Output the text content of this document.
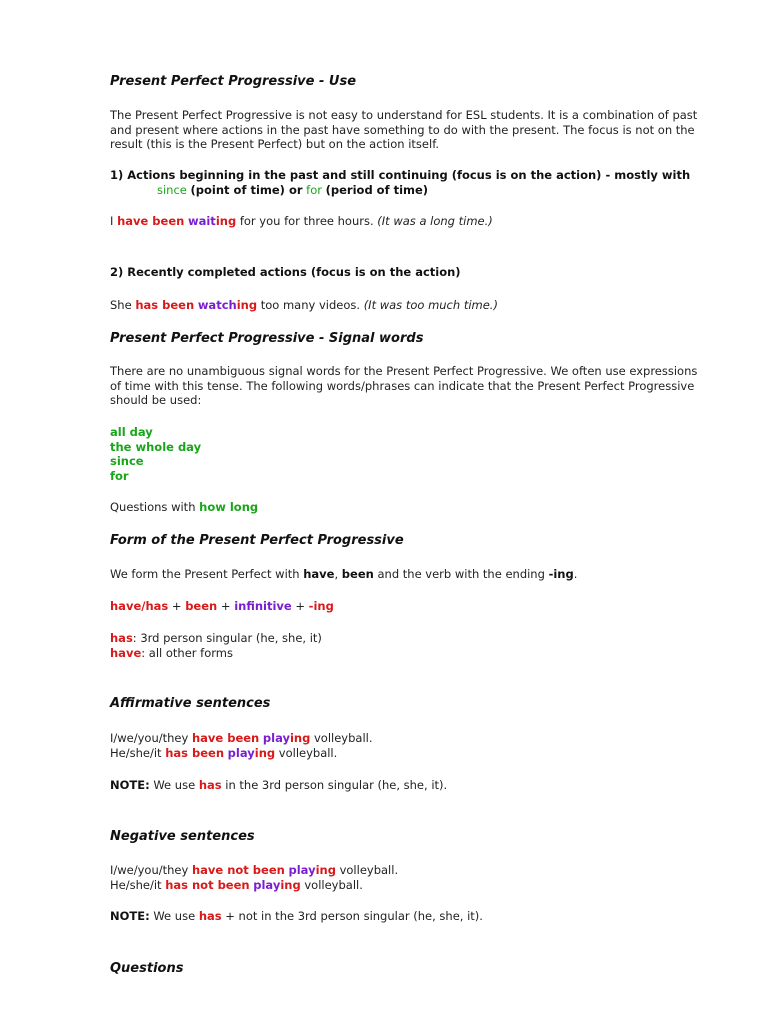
Present Perfect Progressive - Use
The Present Perfect Progressive is not easy to understand for ESL students. It is a combination of past
and present where actions in the past have something to do with the present. The focus is not on the
result (this is the Present Perfect) but on the action itself.
1) Actions beginning in the past and still continuing (focus is on the action) - mostly with
since (point of time) or for (period of time)
I have been waiting for you for three hours. (It was a long time.)
2) Recently completed actions (focus is on the action)
She has been watching too many videos. (It was too much time.)
Present Perfect Progressive - Signal words
There are no unambiguous signal words for the Present Perfect Progressive. We often use expressions
of time with this tense. The following words/phrases can indicate that the Present Perfect Progressive
should be used:
all day
the whole day
since
for
Questions with how long
Form of the Present Perfect Progressive
We form the Present Perfect with have, been and the verb with the ending -ing.
have/has + been + infinitive + -ing
has: 3rd person singular (he, she, it)
have: all other forms
Affirmative sentences
I/we/you/they have been playing volleyball.
He/she/it has been playing volleyball.
NOTE: We use has in the 3rd person singular (he, she, it).
Negative sentences
I/we/you/they have not been playing volleyball.
He/she/it has not been playing volleyball.
NOTE: We use has + not in the 3rd person singular (he, she, it).
Questions
